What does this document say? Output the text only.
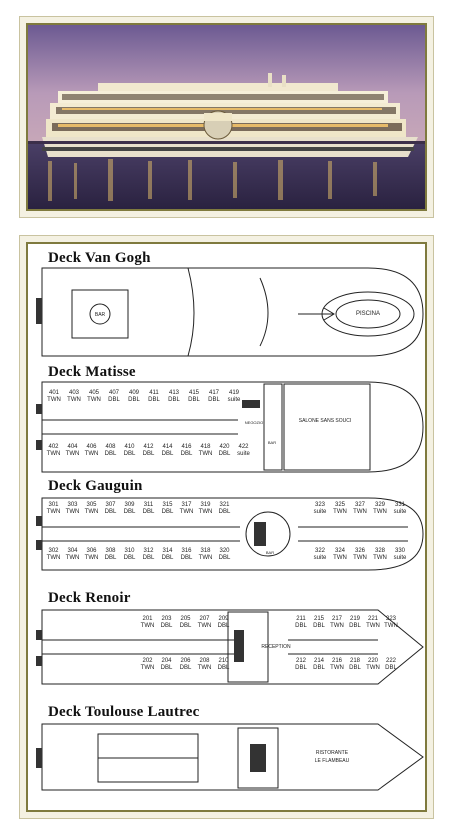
Deck Van Gogh
BAR	PISCINA
Deck Matisse
401
TWN
403
TWN
405
TWN
407
DBL
409
DBL
411
DBL
413
DBL
415
DBL
417
DBL
419
suite
402
TWN
404
TWN
406
TWN
408
DBL
410
DBL
412
DBL
414
DBL
416
DBL
418
TWN
420
DBL
422
suite
SALONE SANS SOUCI
NEGOZIO
BAR
Deck Gauguin
301
TWN
303
TWN
305
TWN
307
DBL
309
DBL
311
DBL
315
DBL
317
TWN
319
TWN
321
DBL
323
suite
325
TWN
327
TWN
329
TWN
331
suite
302
TWN
304
TWN
306
TWN
308
DBL
310
DBL
312
DBL
314
DBL
316
DBL
318
TWN
320
DBL
322
suite
324
TWN
326
TWN
328
TWN
330
suite
BAR
Deck Renoir
201
TWN
203
DBL
205
DBL
207
TWN
209
DBL
211
DBL
215
DBL
217
TWN
219
DBL
221
TWN
223
TWN
202
TWN
204
DBL
206
DBL
208
TWN
210
DBL
212
DBL
214
DBL
216
TWN
218
DBL
220
TWN
222
DBL
RECEPTION
Deck Toulouse Lautrec
RISTORANTE
LE FLAMBEAU
